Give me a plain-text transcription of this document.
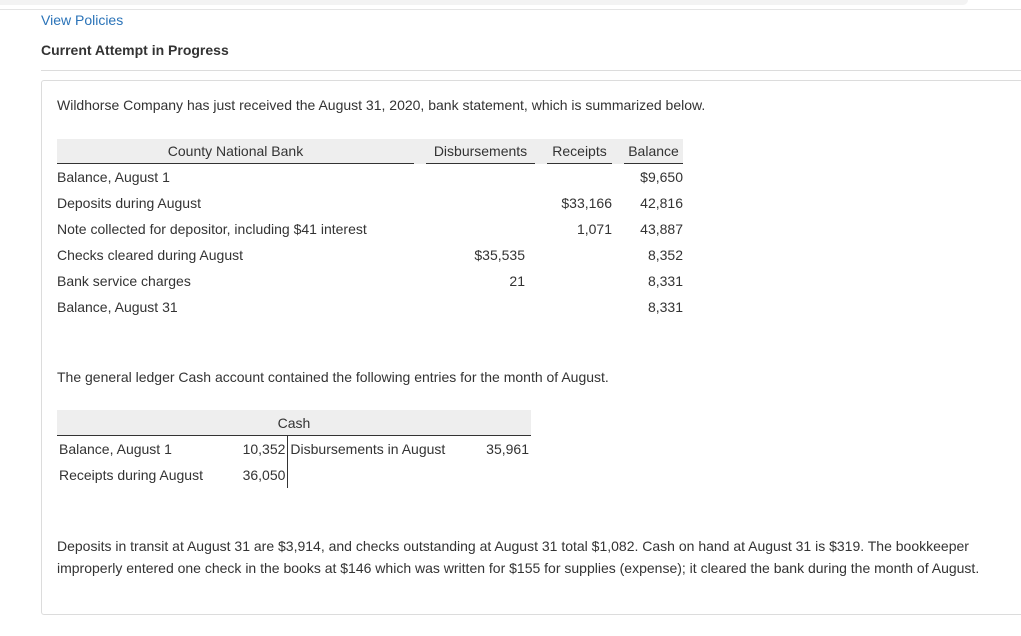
View Policies
Current Attempt in Progress
Wildhorse Company has just received the August 31, 2020, bank statement, which is summarized below.
County National Bank		Disbursements		Receipts		Balance
Balance, August 1						$9,650
Deposits during August				$33,166		42,816
Note collected for depositor, including $41 interest				1,071		43,887
Checks cleared during August		$35,535				8,352
Bank service charges		21				8,331
Balance, August 31						8,331
The general ledger Cash account contained the following entries for the month of August.
Cash			
Balance, August 1	10,352	Disbursements in August	35,961
Receipts during August	36,050		
Deposits in transit at August 31 are $3,914, and checks outstanding at August 31 total $1,082. Cash on hand at August 31 is $319. The bookkeeper improperly entered one check in the books at $146 which was written for $155 for supplies (expense); it cleared the bank during the month of August.
